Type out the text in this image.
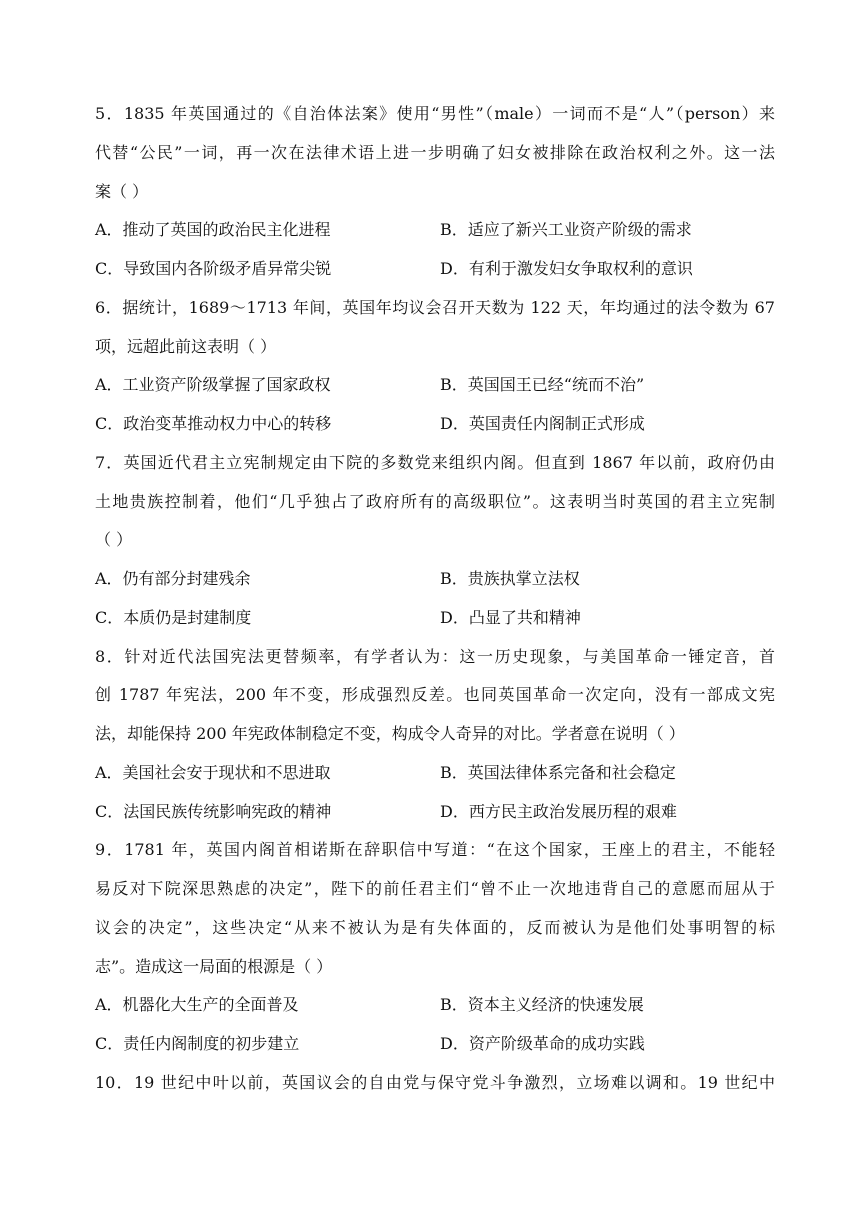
5．1835 年英国通过的《自治体法案》使用“男性”（male）一词而不是“人”（person）来
代替“公民”一词，再一次在法律术语上进一步明确了妇女被排除在政治权利之外。这一法
案（ ）
A．推动了英国的政治民主化进程	B．适应了新兴工业资产阶级的需求
C．导致国内各阶级矛盾异常尖锐	D．有利于激发妇女争取权利的意识
6．据统计，1689～1713 年间，英国年均议会召开天数为 122 天，年均通过的法令数为 67
项，远超此前这表明（ ）
A．工业资产阶级掌握了国家政权	B．英国国王已经“统而不治”
C．政治变革推动权力中心的转移	D．英国责任内阁制正式形成
7．英国近代君主立宪制规定由下院的多数党来组织内阁。但直到 1867 年以前，政府仍由
土地贵族控制着，他们“几乎独占了政府所有的高级职位”。这表明当时英国的君主立宪制
（ ）
A．仍有部分封建残余	B．贵族执掌立法权
C．本质仍是封建制度	D．凸显了共和精神
8．针对近代法国宪法更替频率，有学者认为：这一历史现象，与美国革命一锤定音，首
创 1787 年宪法，200 年不变，形成强烈反差。也同英国革命一次定向，没有一部成文宪
法，却能保持 200 年宪政体制稳定不变，构成令人奇异的对比。学者意在说明（ ）
A．美国社会安于现状和不思进取	B．英国法律体系完备和社会稳定
C．法国民族传统影响宪政的精神	D．西方民主政治发展历程的艰难
9．1781 年，英国内阁首相诺斯在辞职信中写道：“在这个国家，王座上的君主，不能轻
易反对下院深思熟虑的决定”，陛下的前任君主们“曾不止一次地违背自己的意愿而屈从于
议会的决定”，这些决定“从来不被认为是有失体面的，反而被认为是他们处事明智的标
志”。造成这一局面的根源是（ ）
A．机器化大生产的全面普及	B．资本主义经济的快速发展
C．责任内阁制度的初步建立	D．资产阶级革命的成功实践
10．19 世纪中叶以前，英国议会的自由党与保守党斗争激烈，立场难以调和。19 世纪中
